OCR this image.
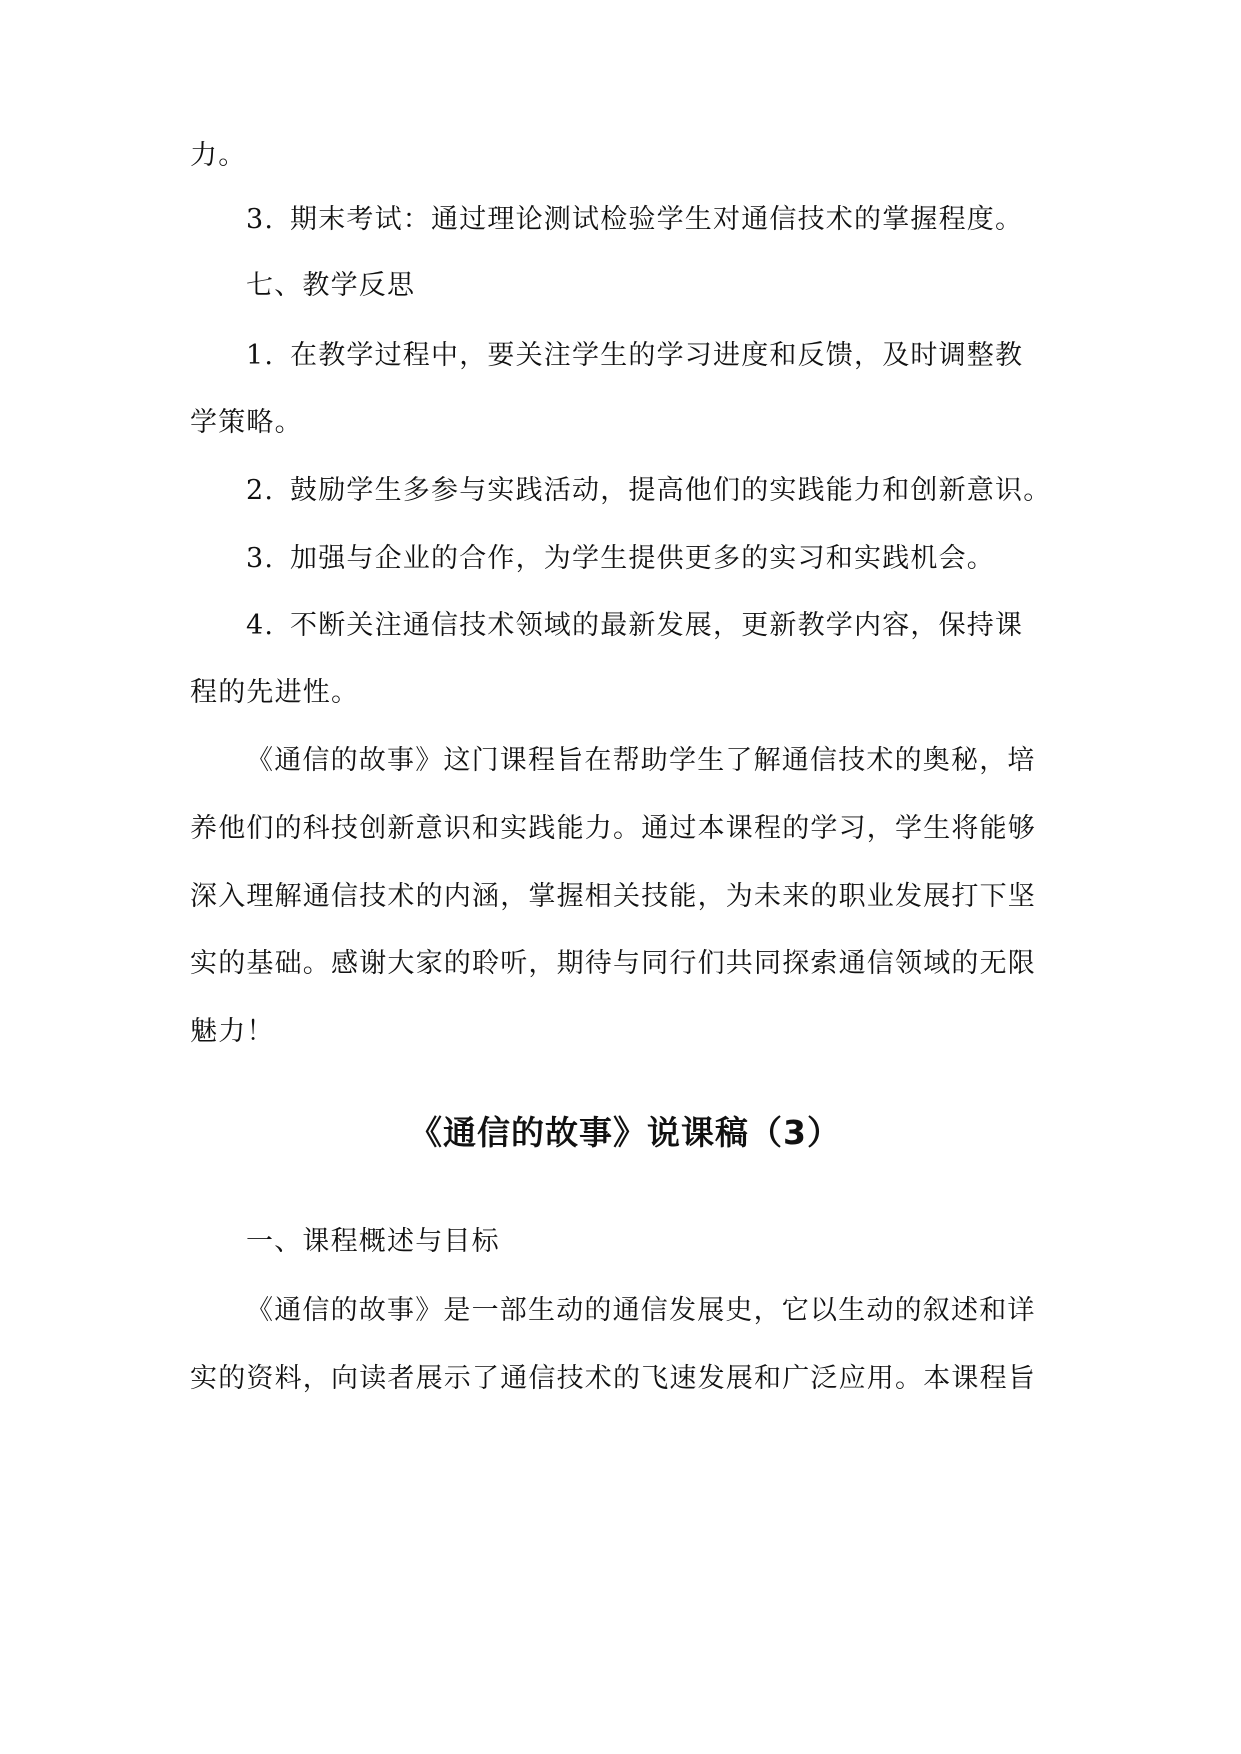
力。
3. 期末考试：通过理论测试检验学生对通信技术的掌握程度。
七、教学反思
1. 在教学过程中，要关注学生的学习进度和反馈，及时调整教
学策略。
2. 鼓励学生多参与实践活动，提高他们的实践能力和创新意识。
3. 加强与企业的合作，为学生提供更多的实习和实践机会。
4. 不断关注通信技术领域的最新发展，更新教学内容，保持课
程的先进性。
《通信的故事》这门课程旨在帮助学生了解通信技术的奥秘，培
养他们的科技创新意识和实践能力。通过本课程的学习，学生将能够
深入理解通信技术的内涵，掌握相关技能，为未来的职业发展打下坚
实的基础。感谢大家的聆听，期待与同行们共同探索通信领域的无限
魅力！
《通信的故事》说课稿（3）
一、课程概述与目标
《通信的故事》是一部生动的通信发展史，它以生动的叙述和详
实的资料，向读者展示了通信技术的飞速发展和广泛应用。本课程旨
